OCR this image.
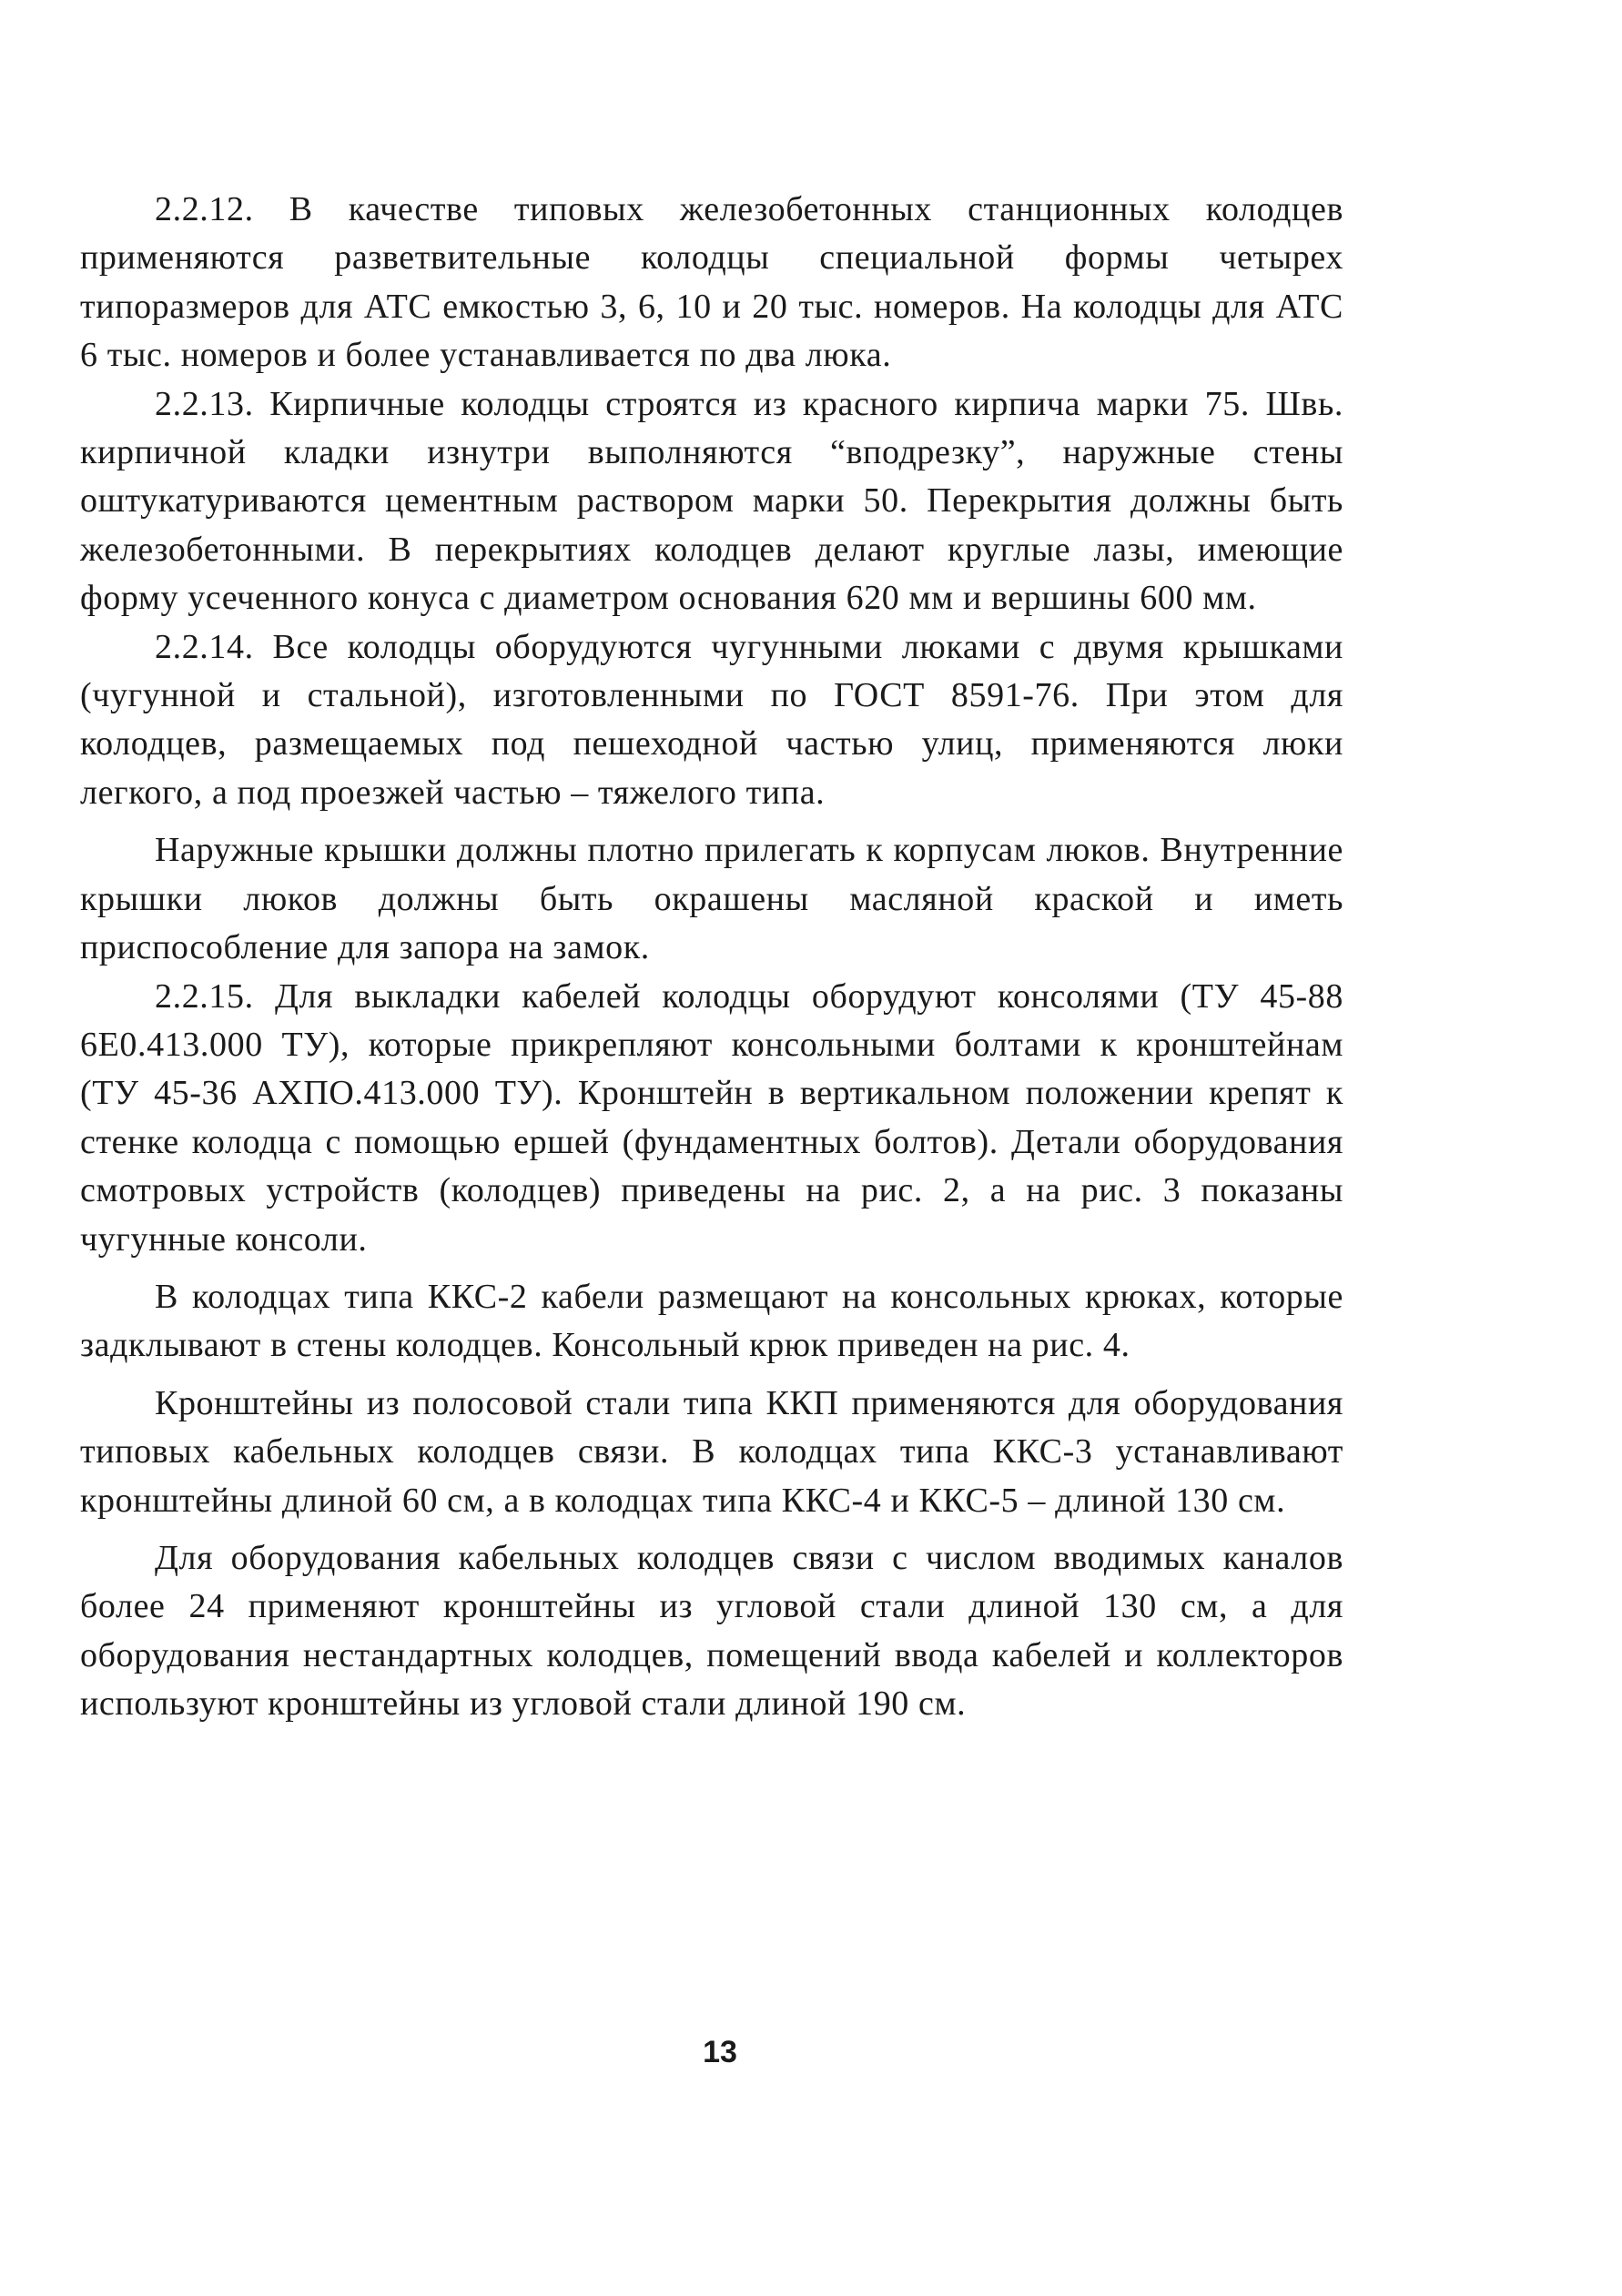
2.2.12. В качестве типовых железобетонных станционных колодцев применяются разветвительные колодцы специальной формы четырех типоразмеров для АТС емкостью 3, 6, 10 и 20 тыс. номеров. На колодцы для АТС 6 тыс. номеров и более устанавливается по два люка.

2.2.13. Кирпичные колодцы строятся из красного кирпича марки 75. Швь. кирпичной кладки изнутри выполняются “вподрезку”, наружные стены оштукатуриваются цементным раствором марки 50. Перекрытия должны быть железобетонными. В перекрытиях колодцев делают круглые лазы, имеющие форму усеченного конуса с диаметром основания 620 мм и вершины 600 мм.

2.2.14. Все колодцы оборудуются чугунными люками с двумя крышками (чугунной и стальной), изготовленными по ГОСТ 8591-76. При этом для колодцев, размещаемых под пешеходной частью улиц, применяются люки легкого, а под проезжей частью – тяжелого типа.

Наружные крышки должны плотно прилегать к корпусам люков. Внутренние крышки люков должны быть окрашены масляной краской и иметь приспособление для запора на замок.

2.2.15. Для выкладки кабелей колодцы оборудуют консолями (ТУ 45-88 6Е0.413.000 ТУ), которые прикрепляют консольными болтами к кронштейнам (ТУ 45-36 АХПО.413.000 ТУ). Кронштейн в вертикальном положении крепят к стенке колодца с помощью ершей (фундаментных болтов). Детали оборудования смотровых устройств (колодцев) приведены на рис. 2, а на рис. 3 показаны чугунные консоли.

В колодцах типа ККС-2 кабели размещают на консольных крюках, которые задклывают в стены колодцев. Консольный крюк приведен на рис. 4.

Кронштейны из полосовой стали типа ККП применяются для оборудования типовых кабельных колодцев связи. В колодцах типа ККС-3 устанавливают кронштейны длиной 60 см, а в колодцах типа ККС-4 и ККС-5 – длиной 130 см.

Для оборудования кабельных колодцев связи с числом вводимых каналов более 24 применяют кронштейны из угловой стали длиной 130 см, а для оборудования нестандартных колодцев, помещений ввода кабелей и коллекторов используют кронштейны из угловой стали длиной 190 см.

13
